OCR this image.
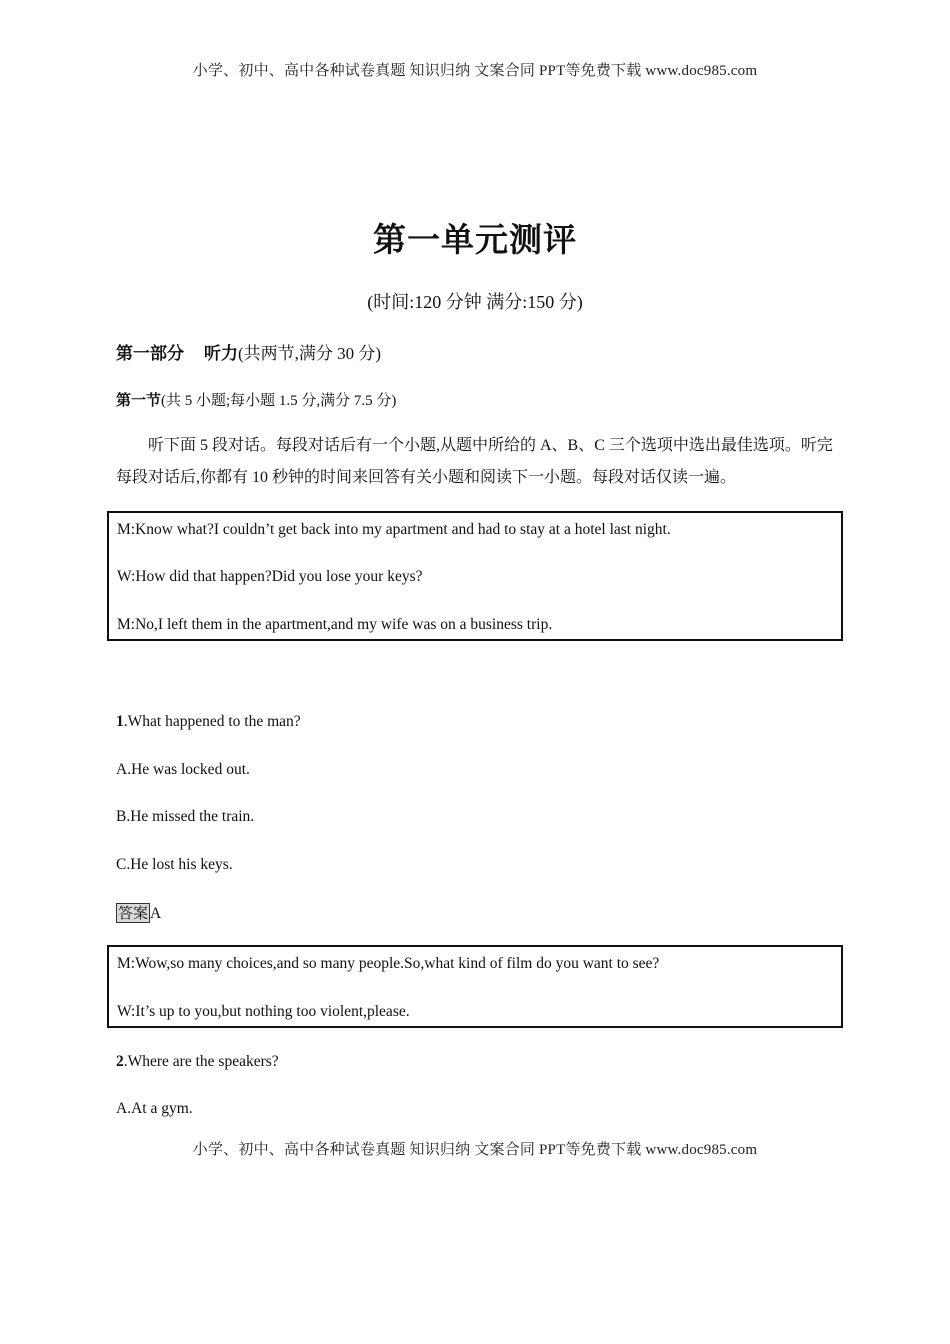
小学、初中、高中各种试卷真题 知识归纳 文案合同 PPT等免费下载 www.doc985.com
第一单元测评
(时间:120 分钟 满分:150 分)
第一部分 听力(共两节,满分 30 分)
第一节(共 5 小题;每小题 1.5 分,满分 7.5 分)
听下面 5 段对话。每段对话后有一个小题,从题中所给的 A、B、C 三个选项中选出最佳选项。听完每段对话后,你都有 10 秒钟的时间来回答有关小题和阅读下一小题。每段对话仅读一遍。
M:Know what?I couldn’t get back into my apartment and had to stay at a hotel last night.
W:How did that happen?Did you lose your keys?
M:No,I left them in the apartment,and my wife was on a business trip.
1.What happened to the man?
A.He was locked out.
B.He missed the train.
C.He lost his keys.
答案 A
M:Wow,so many choices,and so many people.So,what kind of film do you want to see?
W:It’s up to you,but nothing too violent,please.
2.Where are the speakers?
A.At a gym.
小学、初中、高中各种试卷真题 知识归纳 文案合同 PPT等免费下载 www.doc985.com
